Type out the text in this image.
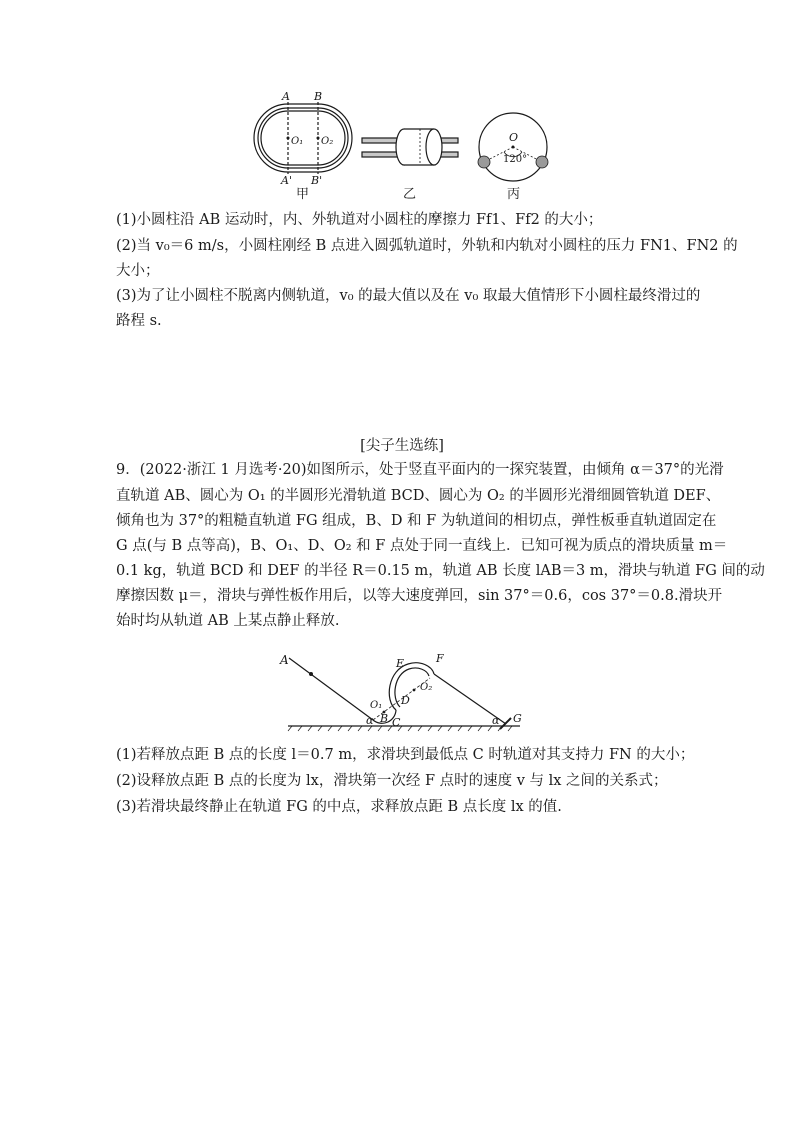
A B
O₁ O₂
A' B'
O
120°
甲	乙	丙
(1)小圆柱沿 AB 运动时，内、外轨道对小圆柱的摩擦力 Ff1、Ff2 的大小；
(2)当 v₀＝6 m/s，小圆柱刚经 B 点进入圆弧轨道时，外轨和内轨对小圆柱的压力 FN1、FN2 的
大小；
(3)为了让小圆柱不脱离内侧轨道，v₀ 的最大值以及在 v₀ 取最大值情形下小圆柱最终滑过的
路程 s.
[尖子生选练]
9．(2022·浙江 1 月选考·20)如图所示，处于竖直平面内的一探究装置，由倾角 α＝37°的光滑
直轨道 AB、圆心为 O₁ 的半圆形光滑轨道 BCD、圆心为 O₂ 的半圆形光滑细圆管轨道 DEF、
倾角也为 37°的粗糙直轨道 FG 组成，B、D 和 F 为轨道间的相切点，弹性板垂直轨道固定在
G 点(与 B 点等高)，B、O₁、D、O₂ 和 F 点处于同一直线上．已知可视为质点的滑块质量 m＝
0.1 kg，轨道 BCD 和 DEF 的半径 R＝0.15 m，轨道 AB 长度 lAB＝3 m，滑块与轨道 FG 间的动
摩擦因数 μ＝，滑块与弹性板作用后，以等大速度弹回，sin 37°＝0.6，cos 37°＝0.8.滑块开
始时均从轨道 AB 上某点静止释放.
A
B C
D
E	F
G
O₁
O₂
α	α
(1)若释放点距 B 点的长度 l＝0.7 m，求滑块到最低点 C 时轨道对其支持力 FN 的大小；
(2)设释放点距 B 点的长度为 lx，滑块第一次经 F 点时的速度 v 与 lx 之间的关系式；
(3)若滑块最终静止在轨道 FG 的中点，求释放点距 B 点长度 lx 的值.
